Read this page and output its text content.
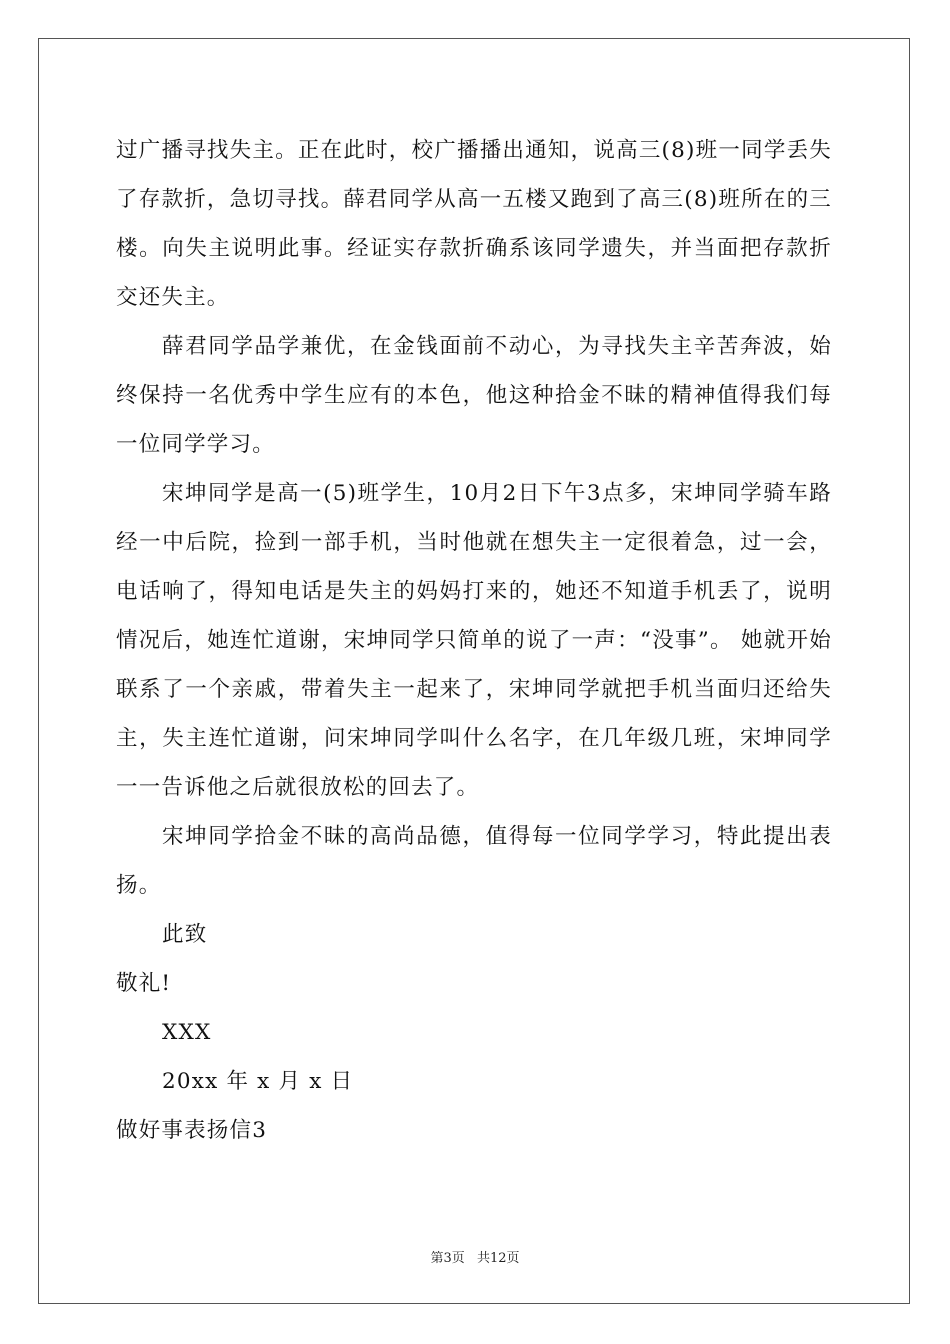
过广播寻找失主。正在此时，校广播播出通知，说高三(8)班一同学丢失了存款折，急切寻找。薛君同学从高一五楼又跑到了高三(8)班所在的三楼。向失主说明此事。经证实存款折确系该同学遗失，并当面把存款折交还失主。

薛君同学品学兼优，在金钱面前不动心，为寻找失主辛苦奔波，始终保持一名优秀中学生应有的本色，他这种拾金不昧的精神值得我们每一位同学学习。

宋坤同学是高一(5)班学生，10月2日下午3点多，宋坤同学骑车路经一中后院，捡到一部手机，当时他就在想失主一定很着急，过一会，电话响了，得知电话是失主的妈妈打来的，她还不知道手机丢了，说明情况后，她连忙道谢，宋坤同学只简单的说了一声：“没事”。 她就开始联系了一个亲戚，带着失主一起来了，宋坤同学就把手机当面归还给失主，失主连忙道谢，问宋坤同学叫什么名字，在几年级几班，宋坤同学一一告诉他之后就很放松的回去了。

宋坤同学拾金不昧的高尚品德，值得每一位同学学习，特此提出表扬。

此致

敬礼!

XXX

20xx 年 x 月 x 日

做好事表扬信3

第3页 共12页
